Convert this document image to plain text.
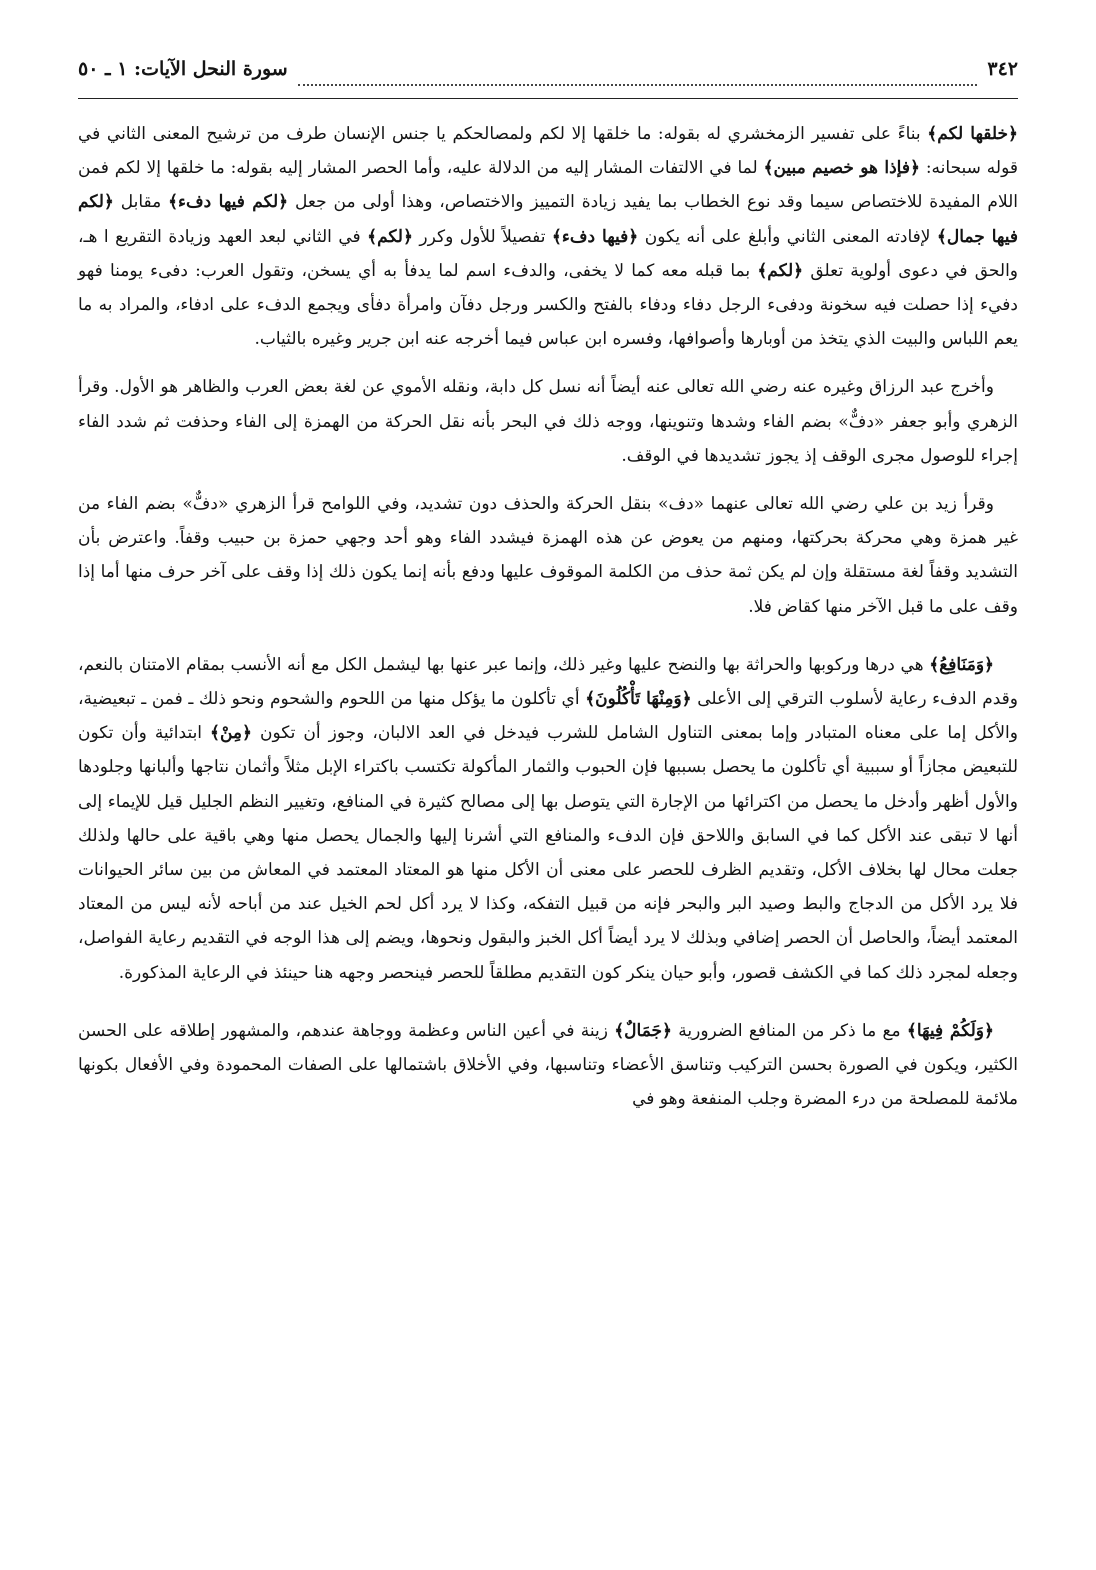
٣٤٢
سورة النحل الآيات: ١ ـ ٥٠

﴿خلقها لكم﴾ بناءً على تفسير الزمخشري له بقوله: ما خلقها إلا لكم ولمصالحكم يا جنس الإنسان طرف من ترشيح المعنى الثاني في قوله سبحانه: ﴿فإذا هو خصيم مبين﴾ لما في الالتفات المشار إليه من الدلالة عليه، وأما الحصر المشار إليه بقوله: ما خلقها إلا لكم فمن اللام المفيدة للاختصاص سيما وقد نوع الخطاب بما يفيد زيادة التمييز والاختصاص، وهذا أولى من جعل ﴿لكم فيها دفء﴾ مقابل ﴿لكم فيها جمال﴾ لإفادته المعنى الثاني وأبلغ على أنه يكون ﴿فيها دفء﴾ تفصيلاً للأول وكرر ﴿لكم﴾ في الثاني لبعد العهد وزيادة التقريع ا هـ، والحق في دعوى أولوية تعلق ﴿لكم﴾ بما قبله معه كما لا يخفى، والدفء اسم لما يدفأ به أي يسخن، وتقول العرب: دفىء يومنا فهو دفيء إذا حصلت فيه سخونة ودفىء الرجل دفاء ودفاء بالفتح والكسر ورجل دفآن وامرأة دفأى ويجمع الدفء على ادفاء، والمراد به ما يعم اللباس والبيت الذي يتخذ من أوبارها وأصوافها، وفسره ابن عباس فيما أخرجه عنه ابن جرير وغيره بالثياب.

وأخرج عبد الرزاق وغيره عنه رضي الله تعالى عنه أيضاً أنه نسل كل دابة، ونقله الأموي عن لغة بعض العرب والظاهر هو الأول. وقرأ الزهري وأبو جعفر «دفٌّ» بضم الفاء وشدها وتنوينها، ووجه ذلك في البحر بأنه نقل الحركة من الهمزة إلى الفاء وحذفت ثم شدد الفاء إجراء للوصول مجرى الوقف إذ يجوز تشديدها في الوقف.

وقرأ زيد بن علي رضي الله تعالى عنهما «دف» بنقل الحركة والحذف دون تشديد، وفي اللوامح قرأ الزهري «دفٌّ» بضم الفاء من غير همزة وهي محركة بحركتها، ومنهم من يعوض عن هذه الهمزة فيشدد الفاء وهو أحد وجهي حمزة بن حبيب وقفاً. واعترض بأن التشديد وقفاً لغة مستقلة وإن لم يكن ثمة حذف من الكلمة الموقوف عليها ودفع بأنه إنما يكون ذلك إذا وقف على آخر حرف منها أما إذا وقف على ما قبل الآخر منها كقاض فلا.

﴿وَمَنَافِعُ﴾ هي درها وركوبها والحراثة بها والنضح عليها وغير ذلك، وإنما عبر عنها بها ليشمل الكل مع أنه الأنسب بمقام الامتنان بالنعم، وقدم الدفء رعاية لأسلوب الترقي إلى الأعلى ﴿وَمِنْهَا تَأْكُلُونَ﴾ أي تأكلون ما يؤكل منها من اللحوم والشحوم ونحو ذلك ـ فمن ـ تبعيضية، والأكل إما على معناه المتبادر وإما بمعنى التناول الشامل للشرب فيدخل في العد الالبان، وجوز أن تكون ﴿مِنْ﴾ ابتدائية وأن تكون للتبعيض مجازاً أو سببية أي تأكلون ما يحصل بسببها فإن الحبوب والثمار المأكولة تكتسب باكتراء الإبل مثلاً وأثمان نتاجها وألبانها وجلودها والأول أظهر وأدخل ما يحصل من اكترائها من الإجارة التي يتوصل بها إلى مصالح كثيرة في المنافع، وتغيير النظم الجليل قيل للإيماء إلى أنها لا تبقى عند الأكل كما في السابق واللاحق فإن الدفء والمنافع التي أشرنا إليها والجمال يحصل منها وهي باقية على حالها ولذلك جعلت محال لها بخلاف الأكل، وتقديم الظرف للحصر على معنى أن الأكل منها هو المعتاد المعتمد في المعاش من بين سائر الحيوانات فلا يرد الأكل من الدجاج والبط وصيد البر والبحر فإنه من قبيل التفكه، وكذا لا يرد أكل لحم الخيل عند من أباحه لأنه ليس من المعتاد المعتمد أيضاً، والحاصل أن الحصر إضافي وبذلك لا يرد أيضاً أكل الخبز والبقول ونحوها، ويضم إلى هذا الوجه في التقديم رعاية الفواصل، وجعله لمجرد ذلك كما في الكشف قصور، وأبو حيان ينكر كون التقديم مطلقاً للحصر فينحصر وجهه هنا حينئذ في الرعاية المذكورة.

﴿وَلَكُمْ فِيهَا﴾ مع ما ذكر من المنافع الضرورية ﴿جَمَالٌ﴾ زينة في أعين الناس وعظمة ووجاهة عندهم، والمشهور إطلاقه على الحسن الكثير، ويكون في الصورة بحسن التركيب وتناسق الأعضاء وتناسبها، وفي الأخلاق باشتمالها على الصفات المحمودة وفي الأفعال بكونها ملائمة للمصلحة من درء المضرة وجلب المنفعة وهو في
